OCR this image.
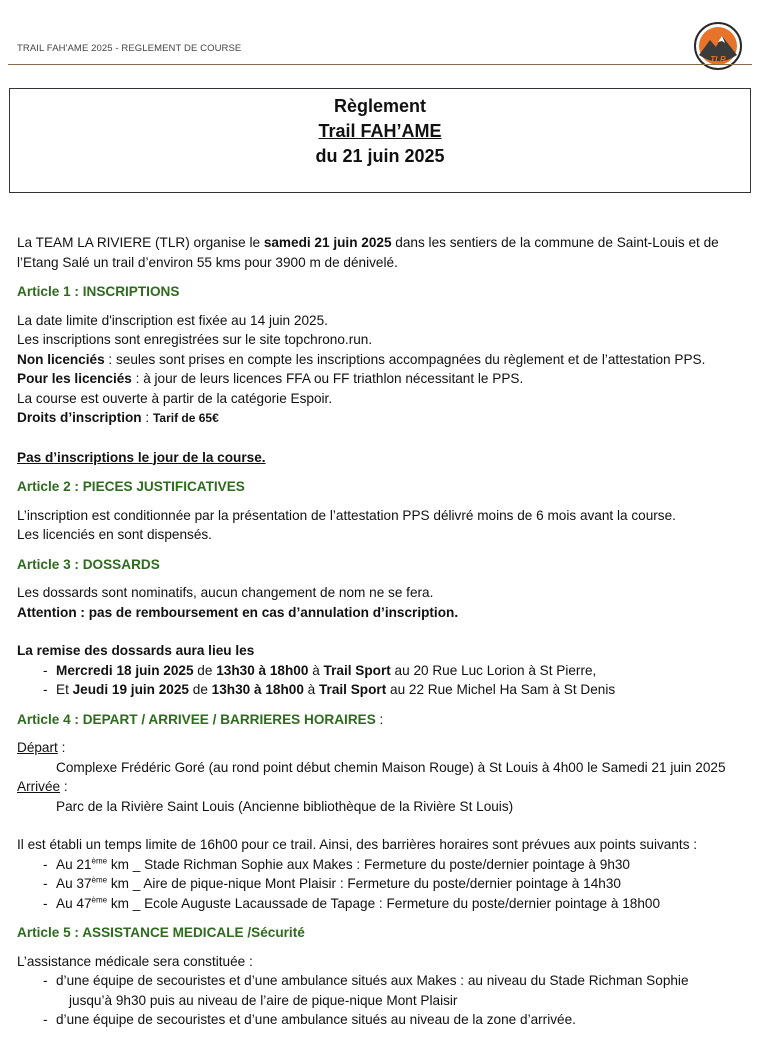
TRAIL FAH'AME 2025 - REGLEMENT DE COURSE
TLR
Règlement
Trail FAH’AME
du 21 juin 2025

La TEAM LA RIVIERE (TLR) organise le samedi 21 juin 2025 dans les sentiers de la commune de Saint-Louis et de l’Etang Salé un trail d’environ 55 kms pour 3900 m de dénivelé.

Article 1 : INSCRIPTIONS

La date limite d'inscription est fixée au 14 juin 2025.

Les inscriptions sont enregistrées sur le site topchrono.run.

Non licenciés : seules sont prises en compte les inscriptions accompagnées du règlement et de l’attestation PPS.

Pour les licenciés : à jour de leurs licences FFA ou FF triathlon nécessitant le PPS.

La course est ouverte à partir de la catégorie Espoir.

Droits d’inscription : Tarif de 65€

Pas d’inscriptions le jour de la course.

Article 2 : PIECES JUSTIFICATIVES

L’inscription est conditionnée par la présentation de l’attestation PPS délivré moins de 6 mois avant la course.

Les licenciés en sont dispensés.

Article 3 : DOSSARDS

Les dossards sont nominatifs, aucun changement de nom ne se fera.

Attention : pas de remboursement en cas d’annulation d’inscription.

La remise des dossards aura lieu les

- Mercredi 18 juin 2025 de 13h30 à 18h00 à Trail Sport au 20 Rue Luc Lorion à St Pierre,
- Et Jeudi 19 juin 2025 de 13h30 à 18h00 à Trail Sport au 22 Rue Michel Ha Sam à St Denis

Article 4 : DEPART / ARRIVEE / BARRIERES HORAIRES :

Départ :

Complexe Frédéric Goré (au rond point début chemin Maison Rouge) à St Louis à 4h00 le Samedi 21 juin 2025

Arrivée :

Parc de la Rivière Saint Louis (Ancienne bibliothèque de la Rivière St Louis)

Il est établi un temps limite de 16h00 pour ce trail. Ainsi, des barrières horaires sont prévues aux points suivants :

- Au 21ème km _ Stade Richman Sophie aux Makes : Fermeture du poste/dernier pointage à 9h30
- Au 37ème km _ Aire de pique-nique Mont Plaisir : Fermeture du poste/dernier pointage à 14h30
- Au 47ème km _ Ecole Auguste Lacaussade de Tapage : Fermeture du poste/dernier pointage à 18h00

Article 5 : ASSISTANCE MEDICALE /Sécurité

L’assistance médicale sera constituée :

- d’une équipe de secouristes et d’une ambulance situés aux Makes : au niveau du Stade Richman Sophie

jusqu’à 9h30 puis au niveau de l’aire de pique-nique Mont Plaisir

- d’une équipe de secouristes et d’une ambulance situés au niveau de la zone d’arrivée.
